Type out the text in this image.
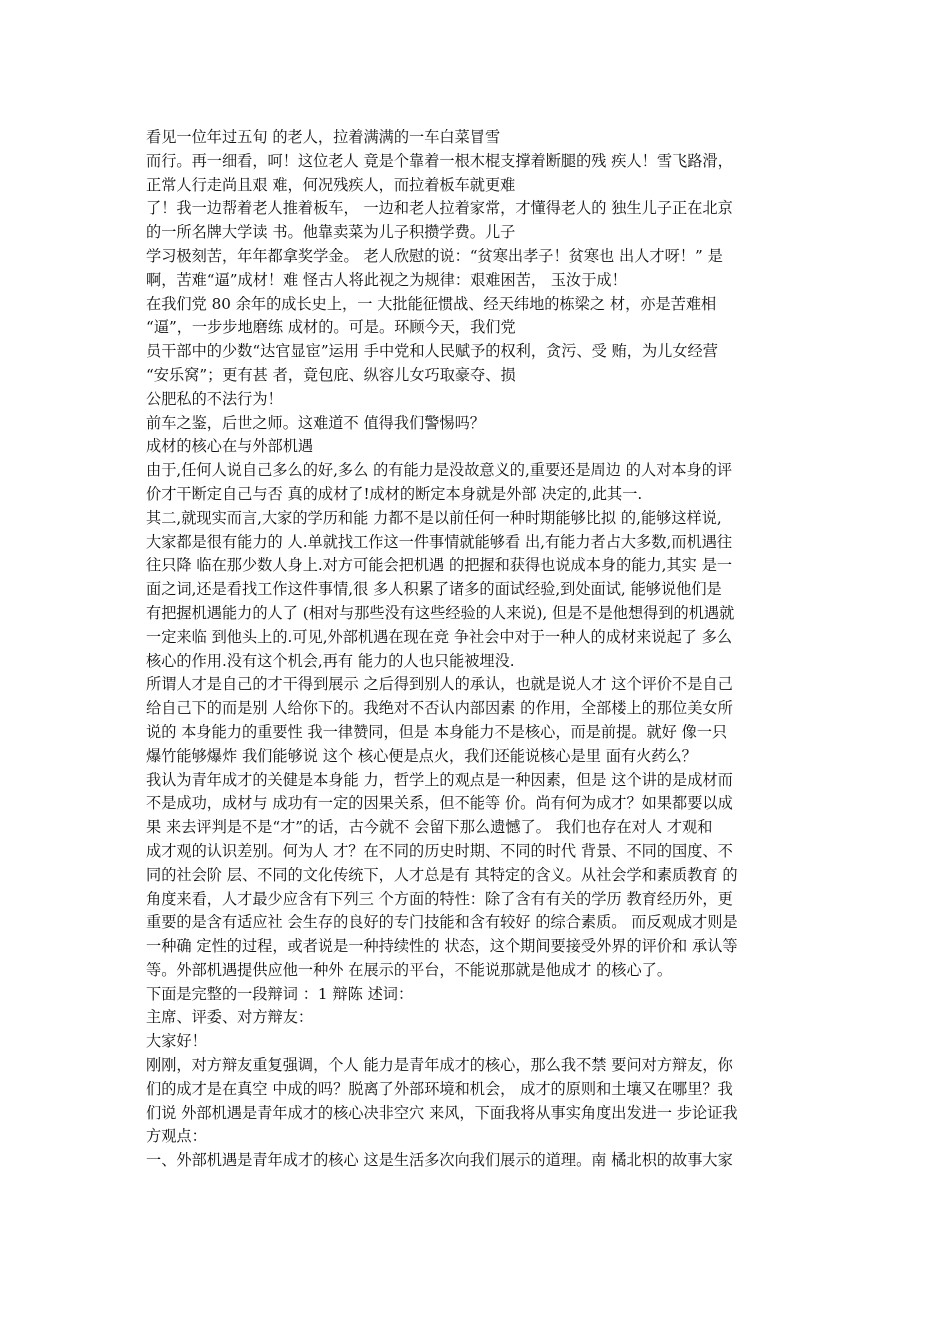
看见一位年过五旬 的老人，拉着满满的一车白菜冒雪
而行。再一细看，呵！这位老人 竟是个靠着一根木棍支撑着断腿的残 疾人！雪飞路滑，
正常人行走尚且艰 难，何况残疾人，而拉着板车就更难
了！我一边帮着老人推着板车， 一边和老人拉着家常，才懂得老人的 独生儿子正在北京
的一所名牌大学读 书。他靠卖菜为儿子积攒学费。儿子
学习极刻苦，年年都拿奖学金。 老人欣慰的说：“贫寒出孝子！贫寒也 出人才呀！” 是
啊，苦难“逼”成材！难 怪古人将此视之为规律：艰难困苦， 玉汝于成！
在我们党 80 余年的成长史上，一 大批能征惯战、经天纬地的栋梁之 材，亦是苦难相
“逼”，一步步地磨练 成材的。可是。环顾今天，我们党
员干部中的少数“达官显宦”运用 手中党和人民赋予的权利，贪污、受 贿，为儿女经营
“安乐窝”；更有甚 者，竟包庇、纵容儿女巧取豪夺、损
公肥私的不法行为！
前车之鉴，后世之师。这难道不 值得我们警惕吗？
成材的核心在与外部机遇
由于,任何人说自己多么的好,多么 的有能力是没故意义的,重要还是周边 的人对本身的评
价才干断定自己与否 真的成材了!成材的断定本身就是外部 决定的,此其一.
其二,就现实而言,大家的学历和能 力都不是以前任何一种时期能够比拟 的,能够这样说,
大家都是很有能力的 人.单就找工作这一件事情就能够看 出,有能力者占大多数,而机遇往
往只降 临在那少数人身上.对方可能会把机遇 的把握和获得也说成本身的能力,其实 是一
面之词,还是看找工作这件事情,很 多人积累了诸多的面试经验,到处面试, 能够说他们是
有把握机遇能力的人了 (相对与那些没有这些经验的人来说), 但是不是他想得到的机遇就
一定来临 到他头上的.可见,外部机遇在现在竞 争社会中对于一种人的成材来说起了 多么
核心的作用.没有这个机会,再有 能力的人也只能被埋没.
所谓人才是自己的才干得到展示 之后得到别人的承认，也就是说人才 这个评价不是自己
给自己下的而是别 人给你下的。我绝对不否认内部因素 的作用，全部楼上的那位美女所
说的 本身能力的重要性 我一律赞同，但是 本身能力不是核心，而是前提。就好 像一只
爆竹能够爆炸 我们能够说 这个 核心便是点火，我们还能说核心是里 面有火药么？
我认为青年成才的关健是本身能 力，哲学上的观点是一种因素，但是 这个讲的是成材而
不是成功，成材与 成功有一定的因果关系，但不能等 价。尚有何为成才？如果都要以成
果 来去评判是不是“才”的话，古今就不 会留下那么遗憾了。 我们也存在对人 才观和
成才观的认识差别。何为人 才？在不同的历史时期、不同的时代 背景、不同的国度、不
同的社会阶 层、不同的文化传统下，人才总是有 其特定的含义。从社会学和素质教育 的
角度来看，人才最少应含有下列三 个方面的特性：除了含有有关的学历 教育经历外，更
重要的是含有适应社 会生存的良好的专门技能和含有较好 的综合素质。 而反观成才则是
一种确 定性的过程，或者说是一种持续性的 状态，这个期间要接受外界的评价和 承认等
等。外部机遇提供应他一种外 在展示的平台，不能说那就是他成才 的核心了。
下面是完整的一段辩词 ：1 辩陈 述词：
主席、评委、对方辩友：
大家好！
刚刚，对方辩友重复强调，个人 能力是青年成才的核心，那么我不禁 要问对方辩友，你
们的成才是在真空 中成的吗？脱离了外部环境和机会， 成才的原则和土壤又在哪里？我
们说 外部机遇是青年成才的核心决非空穴 来风，下面我将从事实角度出发进一 步论证我
方观点：
一、外部机遇是青年成才的核心 这是生活多次向我们展示的道理。南 橘北枳的故事大家
